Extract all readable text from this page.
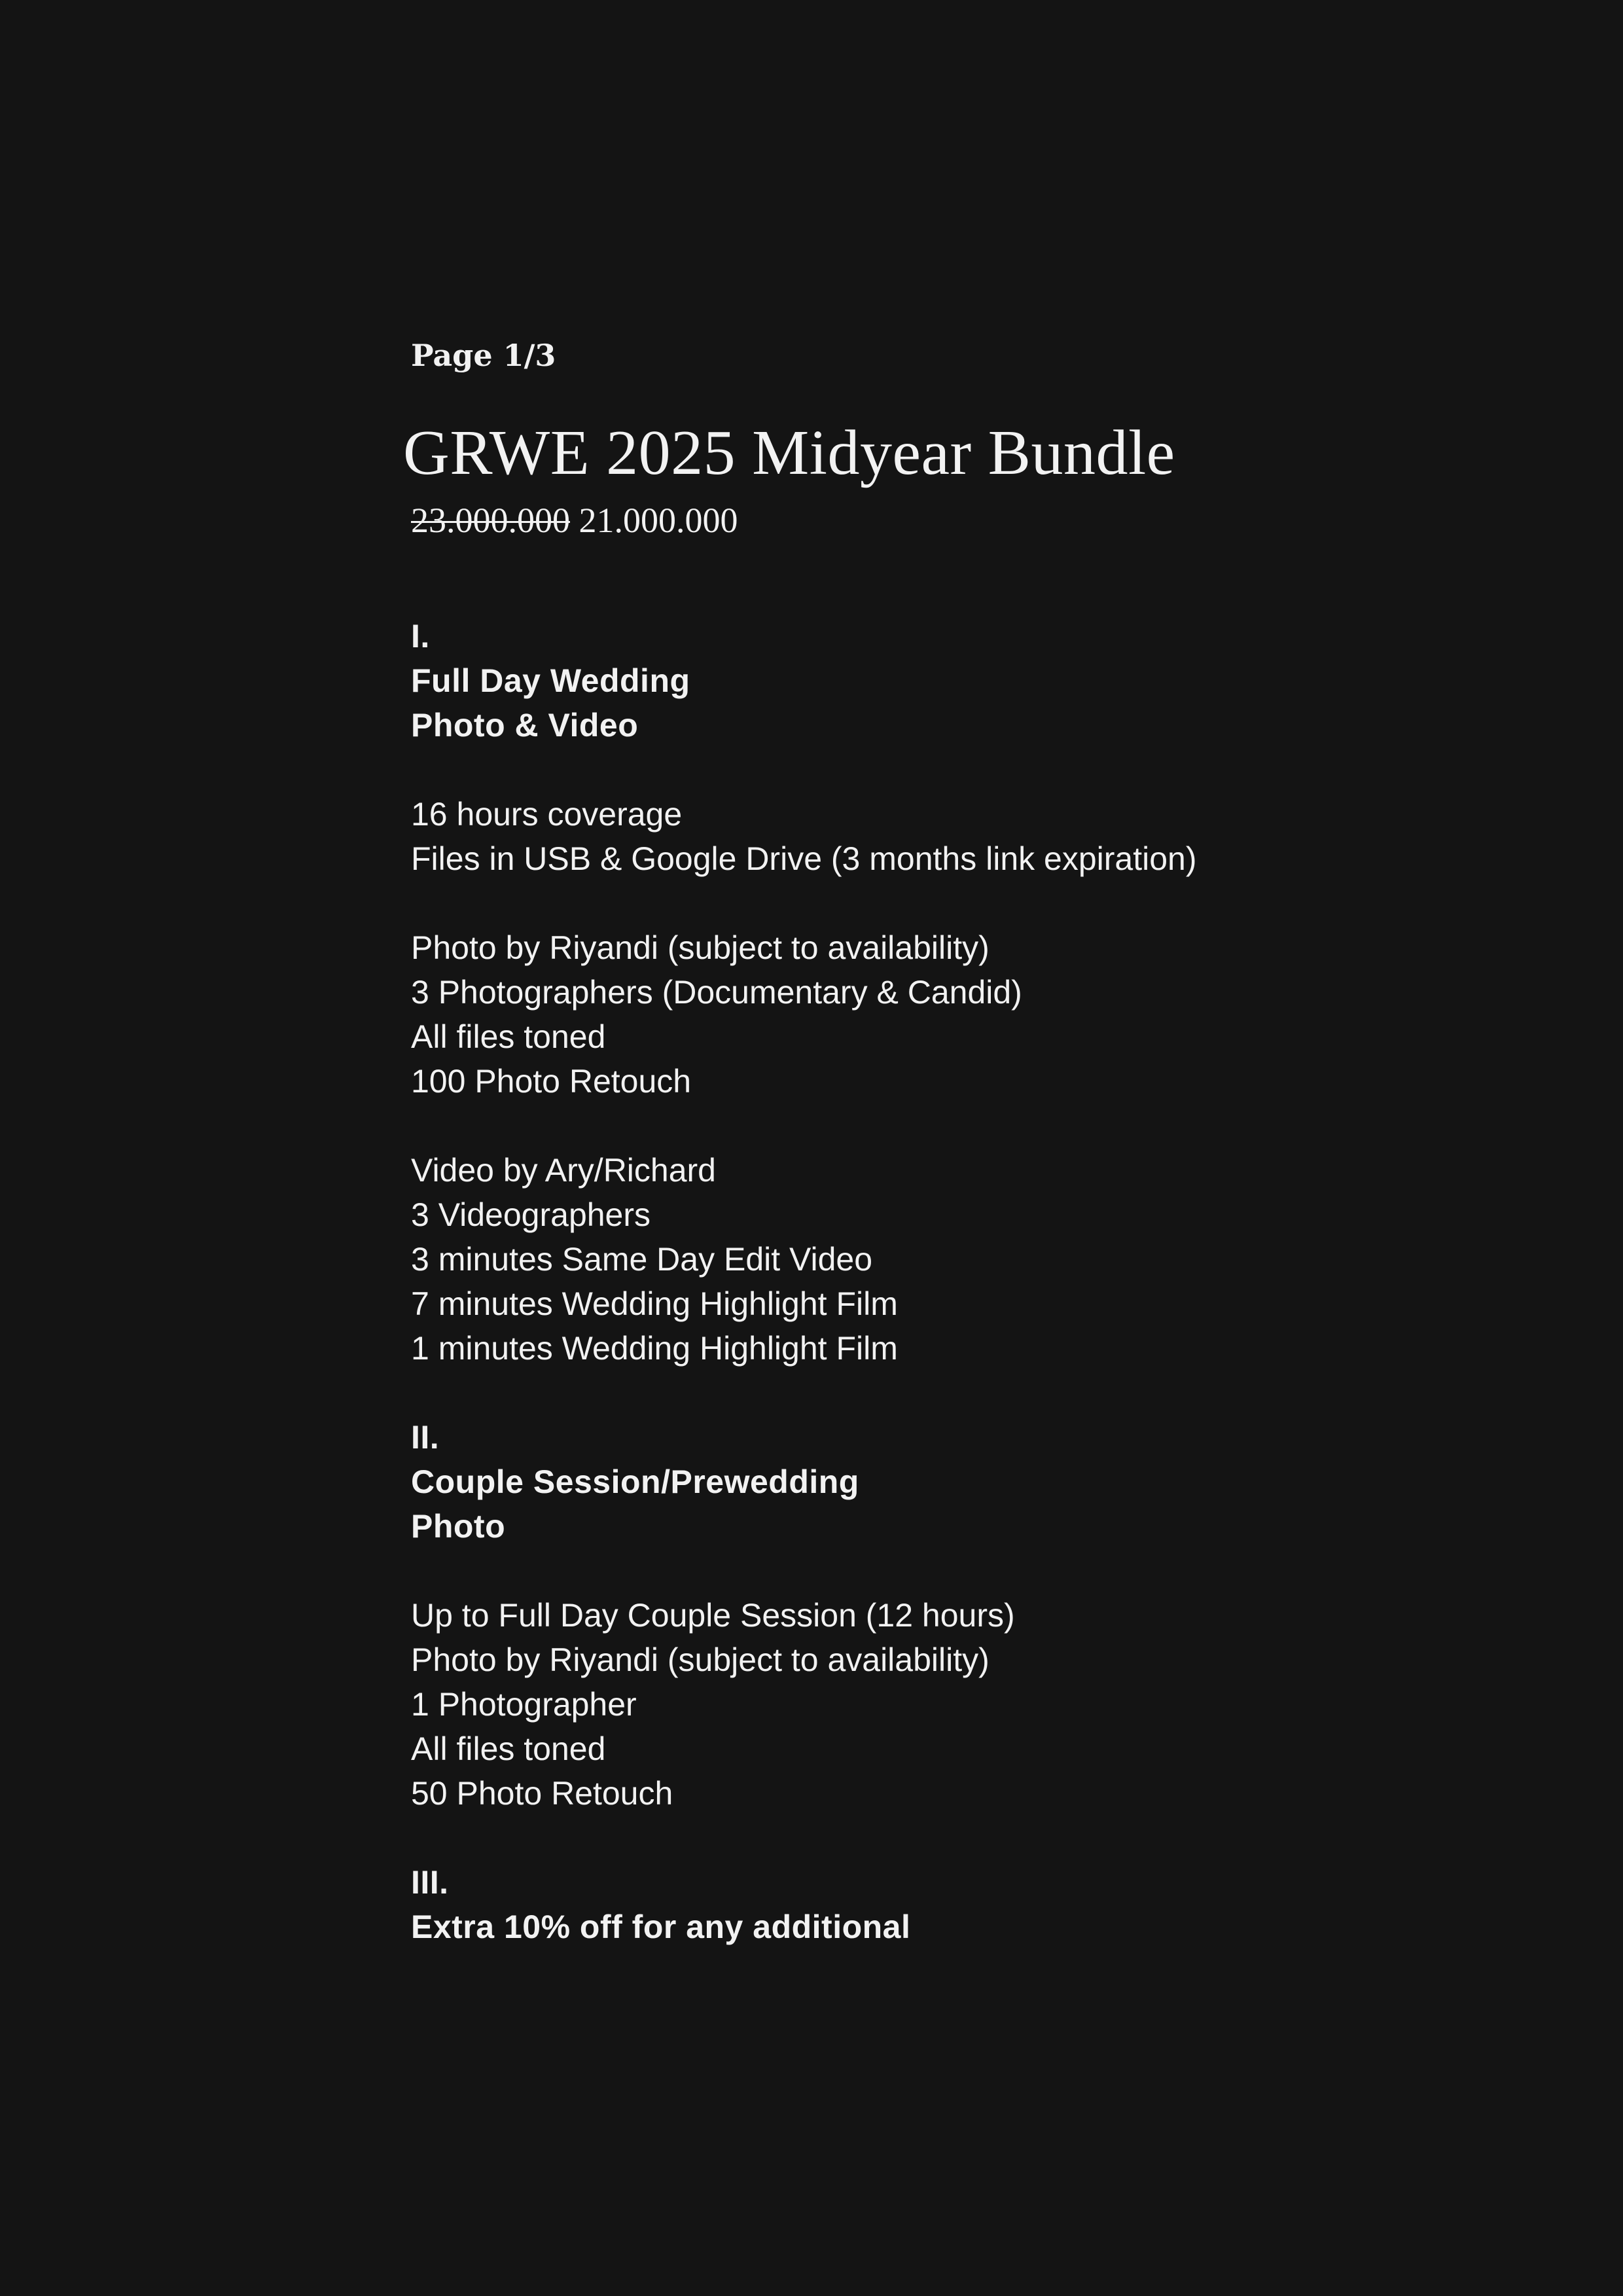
Page 1/3
GRWE 2025 Midyear Bundle
23.000.000 21.000.000
I.
Full Day Wedding
Photo & Video
16 hours coverage
Files in USB & Google Drive (3 months link expiration)
Photo by Riyandi (subject to availability)
3 Photographers (Documentary & Candid)
All files toned
100 Photo Retouch
Video by Ary/Richard
3 Videographers
3 minutes Same Day Edit Video
7 minutes Wedding Highlight Film
1 minutes Wedding Highlight Film
II.
Couple Session/Prewedding
Photo
Up to Full Day Couple Session (12 hours)
Photo by Riyandi (subject to availability)
1 Photographer
All files toned
50 Photo Retouch
III.
Extra 10% off for any additional
